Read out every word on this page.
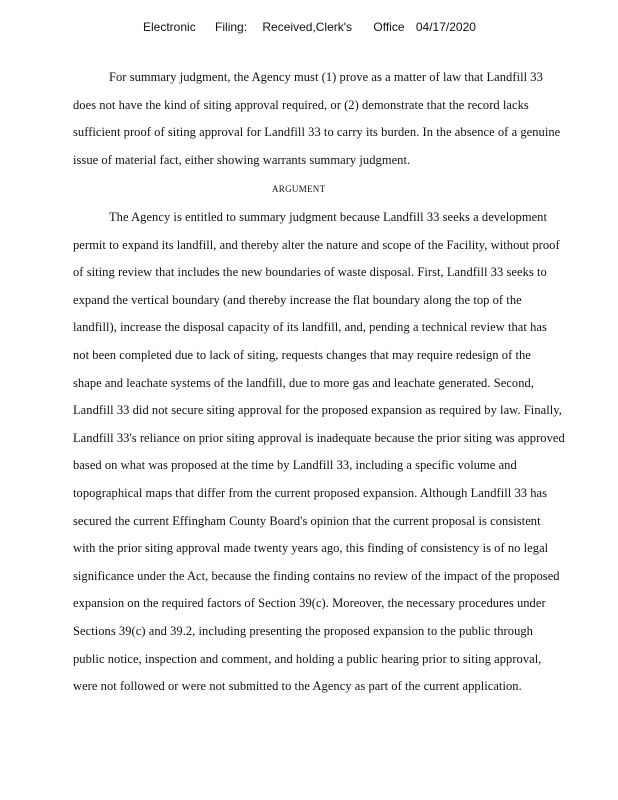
Electronic Filing: Received,Clerk's Office 04/17/2020

For summary judgment, the Agency must (1) prove as a matter of law that Landfill 33
does not have the kind of siting approval required, or (2) demonstrate that the record lacks
sufficient proof of siting approval for Landfill 33 to carry its burden. In the absence of a genuine
issue of material fact, either showing warrants summary judgment.

ARGUMENT

The Agency is entitled to summary judgment because Landfill 33 seeks a development
permit to expand its landfill, and thereby alter the nature and scope of the Facility, without proof
of siting review that includes the new boundaries of waste disposal. First, Landfill 33 seeks to
expand the vertical boundary (and thereby increase the flat boundary along the top of the
landfill), increase the disposal capacity of its landfill, and, pending a technical review that has
not been completed due to lack of siting, requests changes that may require redesign of the
shape and leachate systems of the landfill, due to more gas and leachate generated. Second,
Landfill 33 did not secure siting approval for the proposed expansion as required by law. Finally,
Landfill 33's reliance on prior siting approval is inadequate because the prior siting was approved
based on what was proposed at the time by Landfill 33, including a specific volume and
topographical maps that differ from the current proposed expansion. Although Landfill 33 has
secured the current Effingham County Board's opinion that the current proposal is consistent
with the prior siting approval made twenty years ago, this finding of consistency is of no legal
significance under the Act, because the finding contains no review of the impact of the proposed
expansion on the required factors of Section 39(c). Moreover, the necessary procedures under
Sections 39(c) and 39.2, including presenting the proposed expansion to the public through
public notice, inspection and comment, and holding a public hearing prior to siting approval,
were not followed or were not submitted to the Agency as part of the current application.
